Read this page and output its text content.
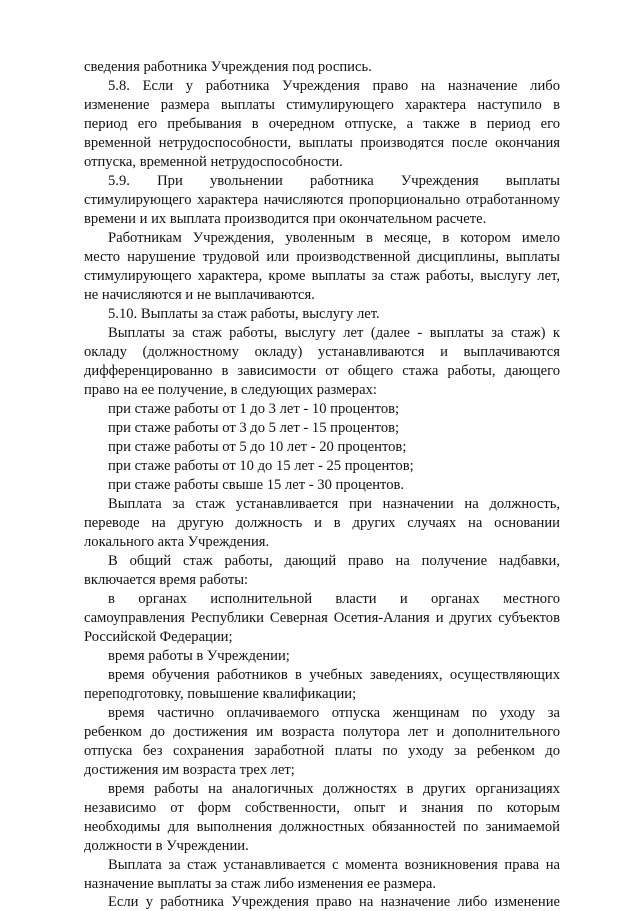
сведения работника Учреждения под роспись.
5.8. Если у работника Учреждения право на назначение либо
изменение размера выплаты стимулирующего характера наступило в
период его пребывания в очередном отпуске, а также в период его
временной нетрудоспособности, выплаты производятся после окончания
отпуска, временной нетрудоспособности.
5.9. При увольнении работника Учреждения выплаты
стимулирующего характера начисляются пропорционально отработанному
времени и их выплата производится при окончательном расчете.
Работникам Учреждения, уволенным в месяце, в котором имело
место нарушение трудовой или производственной дисциплины, выплаты
стимулирующего характера, кроме выплаты за стаж работы, выслугу лет,
не начисляются и не выплачиваются.
5.10. Выплаты за стаж работы, выслугу лет.
Выплаты за стаж работы, выслугу лет (далее - выплаты за стаж) к
окладу (должностному окладу) устанавливаются и выплачиваются
дифференцированно в зависимости от общего стажа работы, дающего
право на ее получение, в следующих размерах:
при стаже работы от 1 до 3 лет - 10 процентов;
при стаже работы от 3 до 5 лет - 15 процентов;
при стаже работы от 5 до 10 лет - 20 процентов;
при стаже работы от 10 до 15 лет - 25 процентов;
при стаже работы свыше 15 лет - 30 процентов.
Выплата за стаж устанавливается при назначении на должность,
переводе на другую должность и в других случаях на основании
локального акта Учреждения.
В общий стаж работы, дающий право на получение надбавки,
включается время работы:
в органах исполнительной власти и органах местного
самоуправления Республики Северная Осетия-Алания и других субъектов
Российской Федерации;
время работы в Учреждении;
время обучения работников в учебных заведениях, осуществляющих
переподготовку, повышение квалификации;
время частично оплачиваемого отпуска женщинам по уходу за
ребенком до достижения им возраста полутора лет и дополнительного
отпуска без сохранения заработной платы по уходу за ребенком до
достижения им возраста трех лет;
время работы на аналогичных должностях в других организациях
независимо от форм собственности, опыт и знания по которым
необходимы для выполнения должностных обязанностей по занимаемой
должности в Учреждении.
Выплата за стаж устанавливается с момента возникновения права на
назначение выплаты за стаж либо изменения ее размера.
Если у работника Учреждения право на назначение либо изменение
